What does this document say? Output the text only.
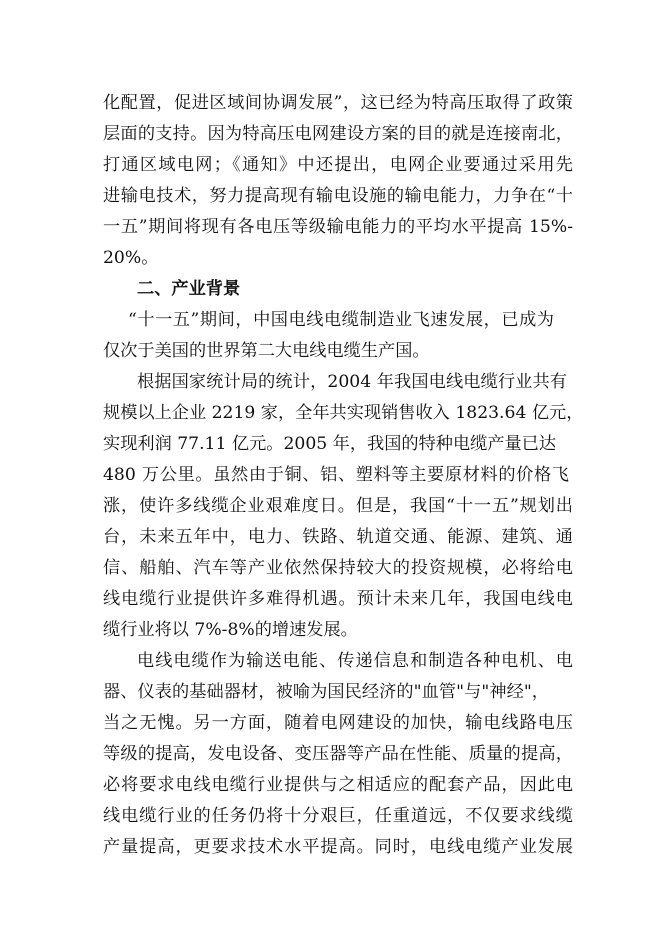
化配置，促进区域间协调发展”，这已经为特高压取得了政策
层面的支持。因为特高压电网建设方案的目的就是连接南北，
打通区域电网；《通知》中还提出，电网企业要通过采用先
进输电技术，努力提高现有输电设施的输电能力，力争在“十
一五”期间将现有各电压等级输电能力的平均水平提高 15%-
20%。
二、产业背景
“十一五”期间，中国电线电缆制造业飞速发展，已成为
仅次于美国的世界第二大电线电缆生产国。
根据国家统计局的统计，2004 年我国电线电缆行业共有
规模以上企业 2219 家，全年共实现销售收入 1823.64 亿元，
实现利润 77.11 亿元。2005 年，我国的特种电缆产量已达
480 万公里。虽然由于铜、铝、塑料等主要原材料的价格飞
涨，使许多线缆企业艰难度日。但是，我国“十一五”规划出
台，未来五年中，电力、铁路、轨道交通、能源、建筑、通
信、船舶、汽车等产业依然保持较大的投资规模，必将给电
线电缆行业提供许多难得机遇。预计未来几年，我国电线电
缆行业将以 7%-8%的增速发展。
电线电缆作为输送电能、传递信息和制造各种电机、电
器、仪表的基础器材，被喻为国民经济的"血管"与"神经"，
当之无愧。另一方面，随着电网建设的加快，输电线路电压
等级的提高，发电设备、变压器等产品在性能、质量的提高，
必将要求电线电缆行业提供与之相适应的配套产品，因此电
线电缆行业的任务仍将十分艰巨，任重道远，不仅要求线缆
产量提高，更要求技术水平提高。同时，电线电缆产业发展
